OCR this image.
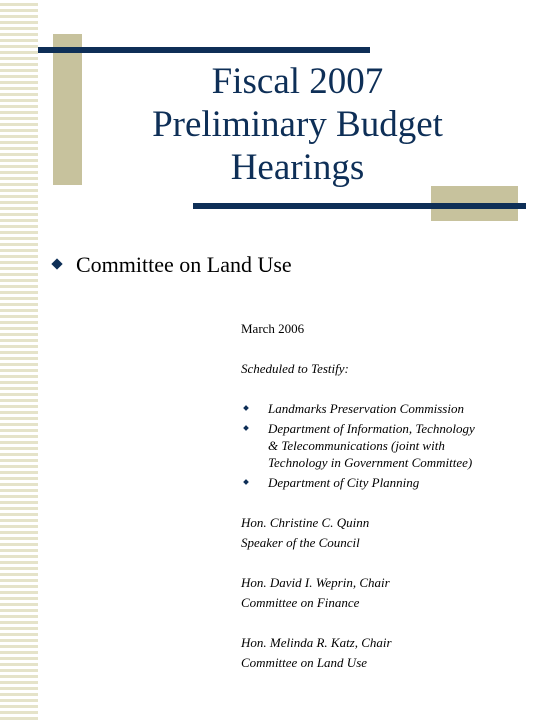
Fiscal 2007
Preliminary Budget
Hearings
Committee on Land Use
March 2006
Scheduled to Testify:
Landmarks Preservation Commission
Department of Information, Technology
& Telecommunications (joint with
Technology in Government Committee)
Department of City Planning
Hon. Christine C. Quinn
Speaker of the Council
Hon. David I. Weprin, Chair
Committee on Finance
Hon. Melinda R. Katz, Chair
Committee on Land Use
